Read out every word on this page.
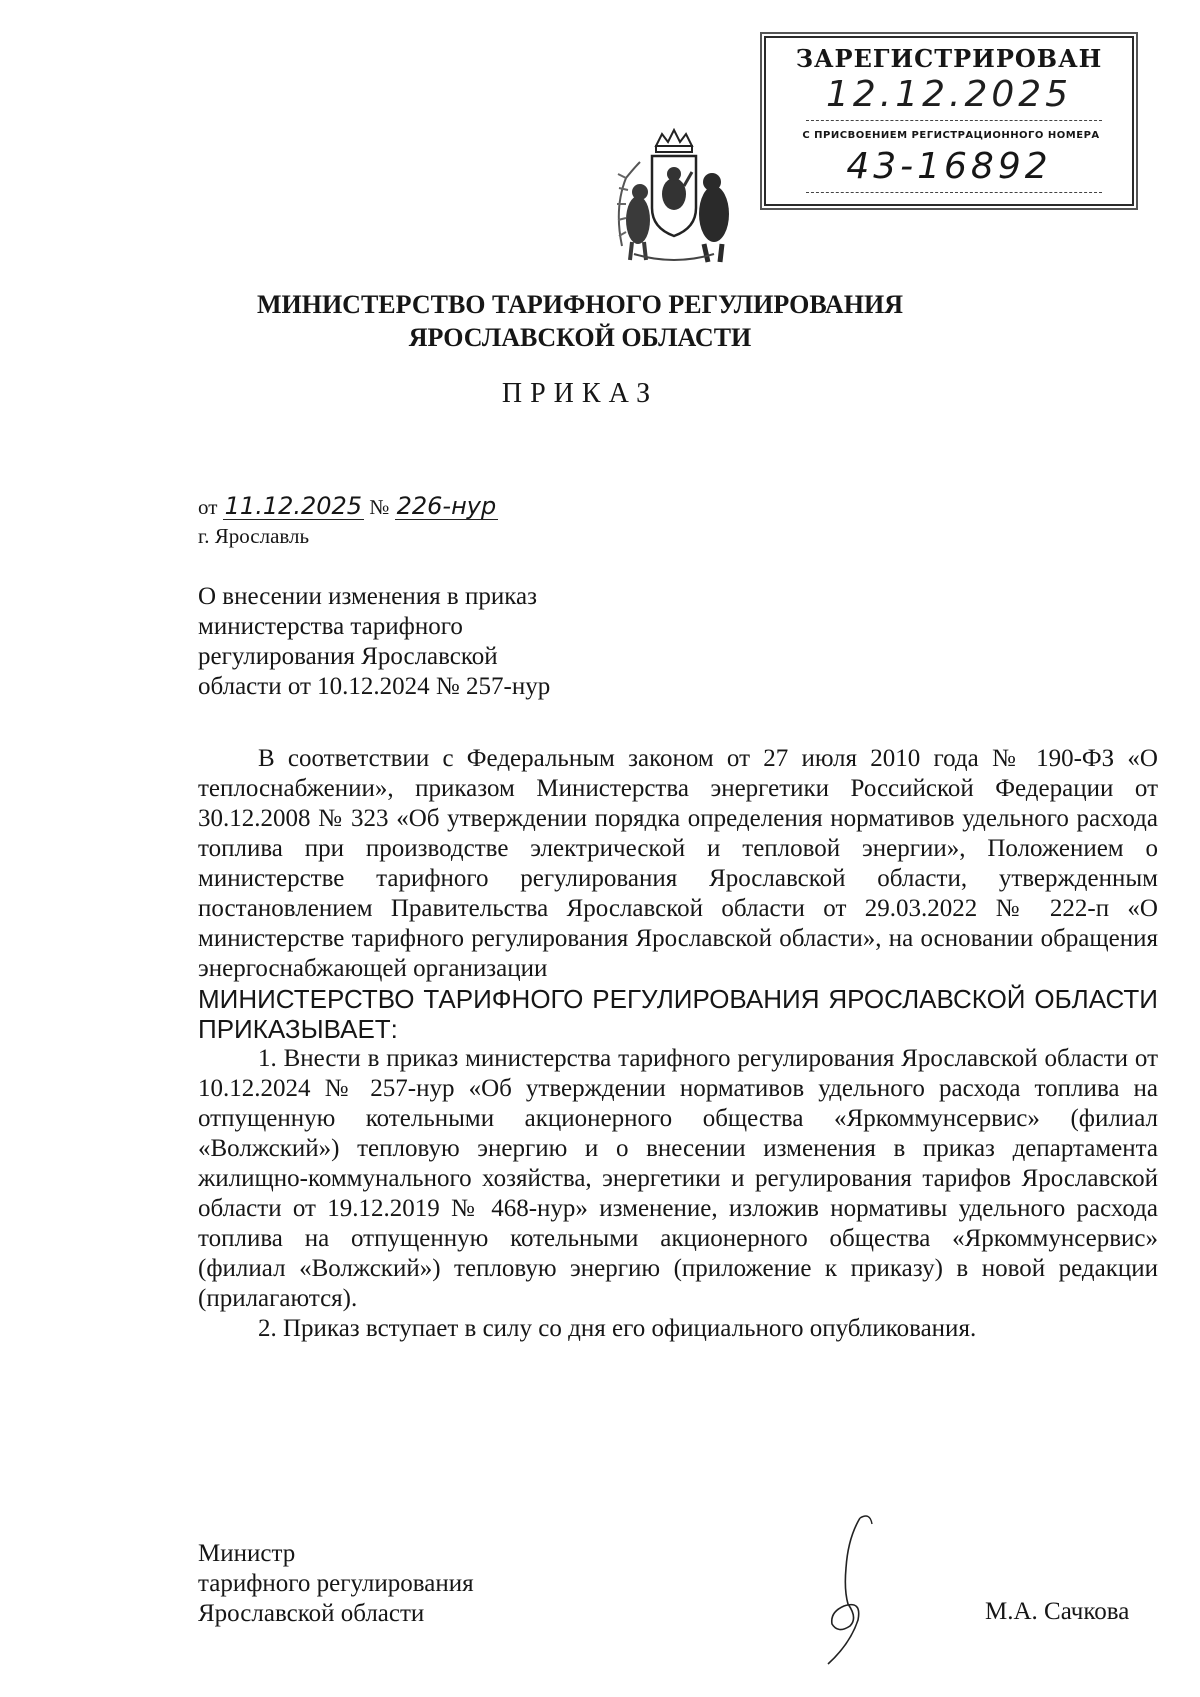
ЗАРЕГИСТРИРОВАН
12.12.2025
С ПРИСВОЕНИЕМ РЕГИСТРАЦИОННОГО НОМЕРА
43-16892
МИНИСТЕРСТВО ТАРИФНОГО РЕГУЛИРОВАНИЯ
ЯРОСЛАВСКОЙ ОБЛАСТИ
ПРИКАЗ
от 11.12.2025 № 226-нур
г. Ярославль
О внесении изменения в приказ
министерства тарифного
регулирования Ярославской
области от 10.12.2024 № 257-нур

В соответствии с Федеральным законом от 27 июля 2010 года № 190-ФЗ «О теплоснабжении», приказом Министерства энергетики Российской Федерации от 30.12.2008 № 323 «Об утверждении порядка определения нормативов удельного расхода топлива при производстве электрической и тепловой энергии», Положением о министерстве тарифного регулирования Ярославской области, утвержденным постановлением Правительства Ярославской области от 29.03.2022 № 222-п «О министерстве тарифного регулирования Ярославской области», на основании обращения энергоснабжающей организации

МИНИСТЕРСТВО ТАРИФНОГО РЕГУЛИРОВАНИЯ ЯРОСЛАВСКОЙ ОБЛАСТИ ПРИКАЗЫВАЕТ:

1. Внести в приказ министерства тарифного регулирования Ярославской области от 10.12.2024 № 257-нур «Об утверждении нормативов удельного расхода топлива на отпущенную котельными акционерного общества «Яркоммунсервис» (филиал «Волжский») тепловую энергию и о внесении изменения в приказ департамента жилищно-коммунального хозяйства, энергетики и регулирования тарифов Ярославской области от 19.12.2019 № 468-нур» изменение, изложив нормативы удельного расхода топлива на отпущенную котельными акционерного общества «Яркоммунсервис» (филиал «Волжский») тепловую энергию (приложение к приказу) в новой редакции (прилагаются).

2. Приказ вступает в силу со дня его официального опубликования.

Министр
тарифного регулирования
Ярославской области	М.А. Сачкова
